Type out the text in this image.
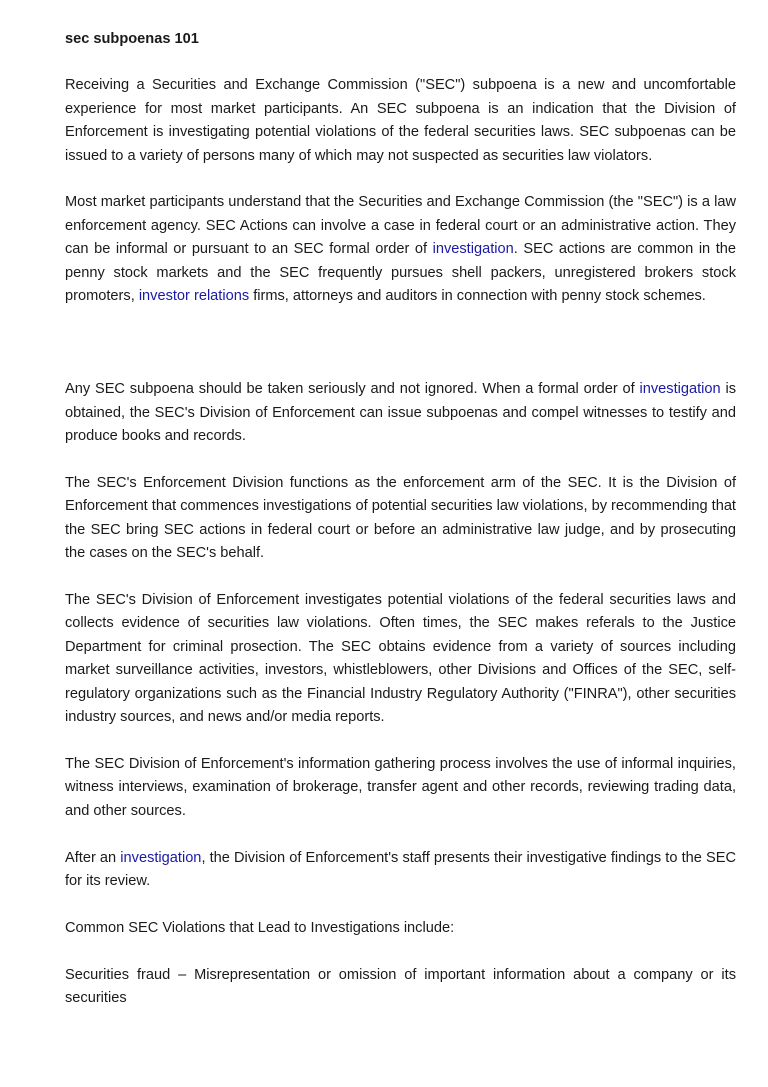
sec subpoenas 101

Receiving a Securities and Exchange Commission ("SEC") subpoena is a new and uncomfortable experience for most market participants. An SEC subpoena is an indication that the Division of Enforcement is investigating potential violations of the federal securities laws. SEC subpoenas can be issued to a variety of persons many of which may not suspected as securities law violators.

Most market participants understand that the Securities and Exchange Commission (the "SEC") is a law enforcement agency. SEC Actions can involve a case in federal court or an administrative action. They can be informal or pursuant to an SEC formal order of investigation. SEC actions are common in the penny stock markets and the SEC frequently pursues shell packers, unregistered brokers stock promoters, investor relations firms, attorneys and auditors in connection with penny stock schemes.

Any SEC subpoena should be taken seriously and not ignored. When a formal order of investigation is obtained, the SEC's Division of Enforcement can issue subpoenas and compel witnesses to testify and produce books and records.

The SEC's Enforcement Division functions as the enforcement arm of the SEC. It is the Division of Enforcement that commences investigations of potential securities law violations, by recommending that the SEC bring SEC actions in federal court or before an administrative law judge, and by prosecuting the cases on the SEC's behalf.

The SEC's Division of Enforcement investigates potential violations of the federal securities laws and collects evidence of securities law violations. Often times, the SEC makes referals to the Justice Department for criminal prosection. The SEC obtains evidence from a variety of sources including market surveillance activities, investors, whistleblowers, other Divisions and Offices of the SEC, self-regulatory organizations such as the Financial Industry Regulatory Authority ("FINRA"), other securities industry sources, and news and/or media reports.

The SEC Division of Enforcement's information gathering process involves the use of informal inquiries, witness interviews, examination of brokerage, transfer agent and other records, reviewing trading data, and other sources.

After an investigation, the Division of Enforcement's staff presents their investigative findings to the SEC for its review.

Common SEC Violations that Lead to Investigations include:

Securities fraud – Misrepresentation or omission of important information about a company or its securities
